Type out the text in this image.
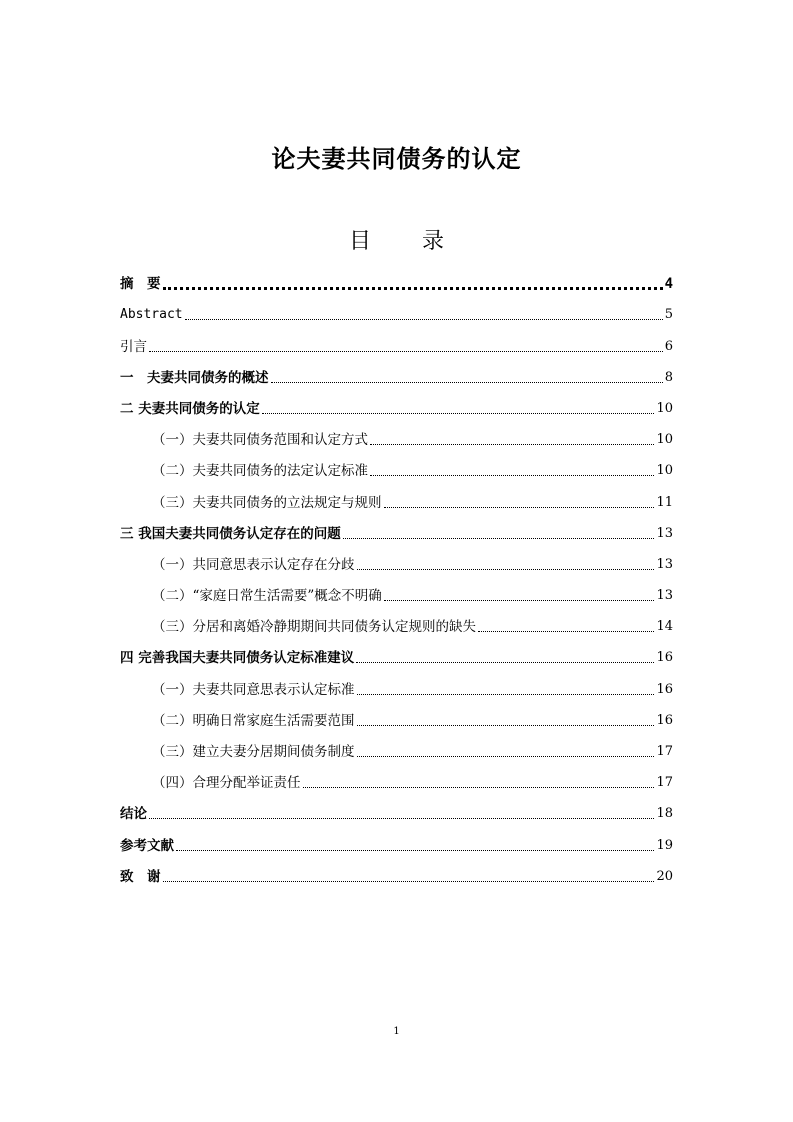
论夫妻共同债务的认定
目 录
摘　要	4
Abstract	5
引言	6
一　夫妻共同债务的概述	8
二 夫妻共同债务的认定	10
（一）夫妻共同债务范围和认定方式	10
（二）夫妻共同债务的法定认定标准	10
（三）夫妻共同债务的立法规定与规则	11
三 我国夫妻共同债务认定存在的问题	13
（一）共同意思表示认定存在分歧	13
（二）“家庭日常生活需要”概念不明确	13
（三）分居和离婚冷静期期间共同债务认定规则的缺失	14
四 完善我国夫妻共同债务认定标准建议	16
（一）夫妻共同意思表示认定标准	16
（二）明确日常家庭生活需要范围	16
（三）建立夫妻分居期间债务制度	17
（四）合理分配举证责任	17
结论	18
参考文献	19
致　谢	20
1
